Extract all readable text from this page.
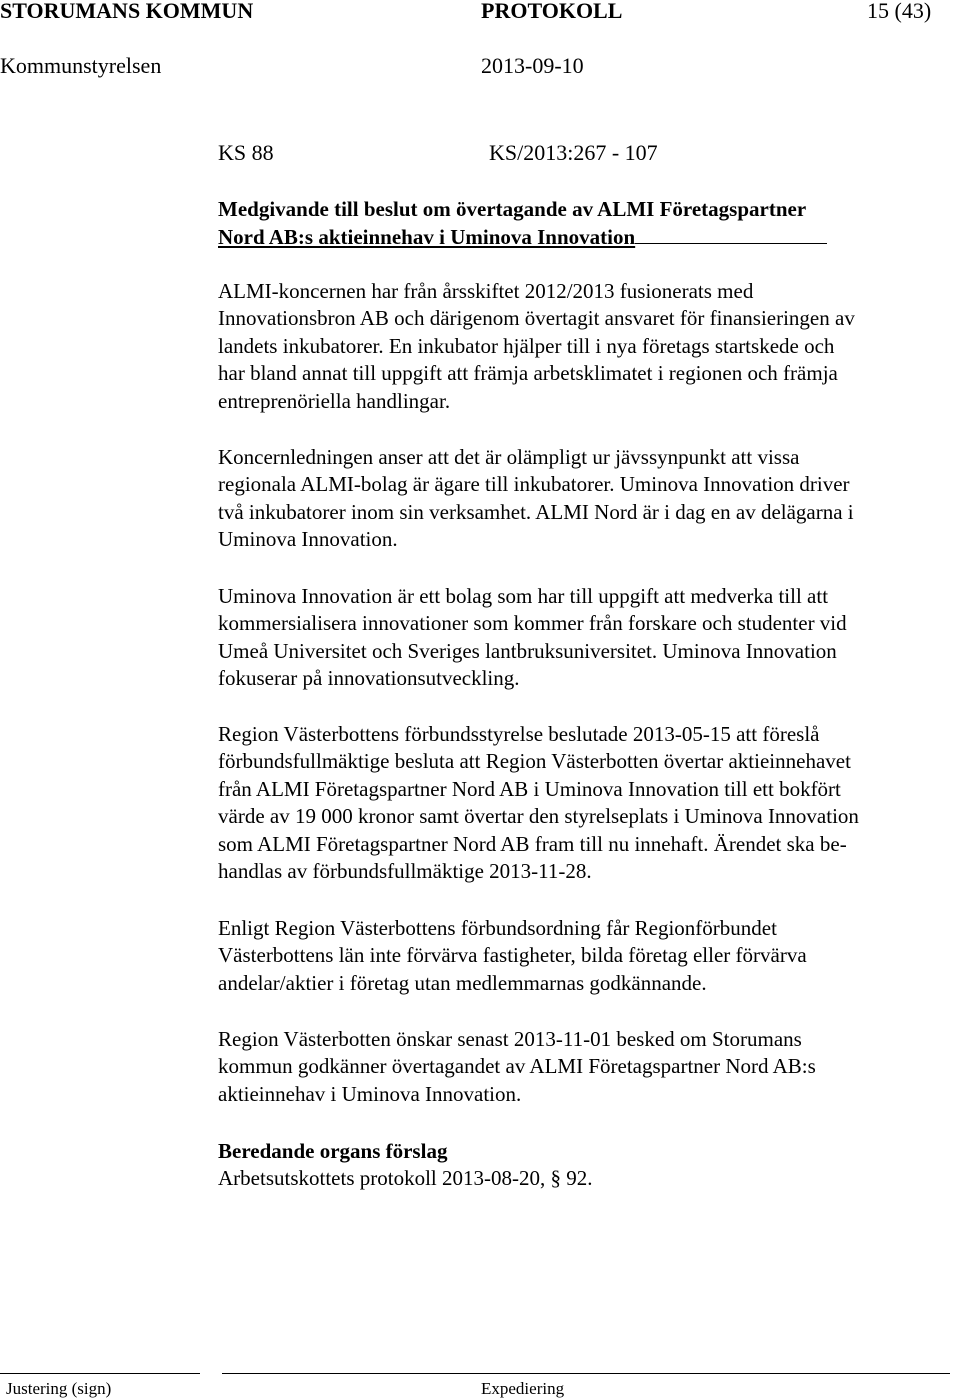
STORUMANS KOMMUN	PROTOKOLL	15 (43)
Kommunstyrelsen	2013-09-10
KS 88	KS/2013:267 - 107
Medgivande till beslut om övertagande av ALMI Företagspartner
Nord AB:s aktieinnehav i Uminova Innovation
ALMI-koncernen har från årsskiftet 2012/2013 fusionerats med
Innovationsbron AB och därigenom övertagit ansvaret för finansieringen av
landets inkubatorer. En inkubator hjälper till i nya företags startskede och
har bland annat till uppgift att främja arbetsklimatet i regionen och främja
entreprenöriella handlingar.
Koncernledningen anser att det är olämpligt ur jävssynpunkt att vissa
regionala ALMI-bolag är ägare till inkubatorer. Uminova Innovation driver
två inkubatorer inom sin verksamhet. ALMI Nord är i dag en av delägarna i
Uminova Innovation.
Uminova Innovation är ett bolag som har till uppgift att medverka till att
kommersialisera innovationer som kommer från forskare och studenter vid
Umeå Universitet och Sveriges lantbruksuniversitet. Uminova Innovation
fokuserar på innovationsutveckling.
Region Västerbottens förbundsstyrelse beslutade 2013-05-15 att föreslå
förbundsfullmäktige besluta att Region Västerbotten övertar aktieinnehavet
från ALMI Företagspartner Nord AB i Uminova Innovation till ett bokfört
värde av 19 000 kronor samt övertar den styrelseplats i Uminova Innovation
som ALMI Företagspartner Nord AB fram till nu innehaft. Ärendet ska be-
handlas av förbundsfullmäktige 2013-11-28.
Enligt Region Västerbottens förbundsordning får Regionförbundet
Västerbottens län inte förvärva fastigheter, bilda företag eller förvärva
andelar/aktier i företag utan medlemmarnas godkännande.
Region Västerbotten önskar senast 2013-11-01 besked om Storumans
kommun godkänner övertagandet av ALMI Företagspartner Nord AB:s
aktieinnehav i Uminova Innovation.
Beredande organs förslag
Arbetsutskottets protokoll 2013-08-20, § 92.
Justering (sign)	Expediering
